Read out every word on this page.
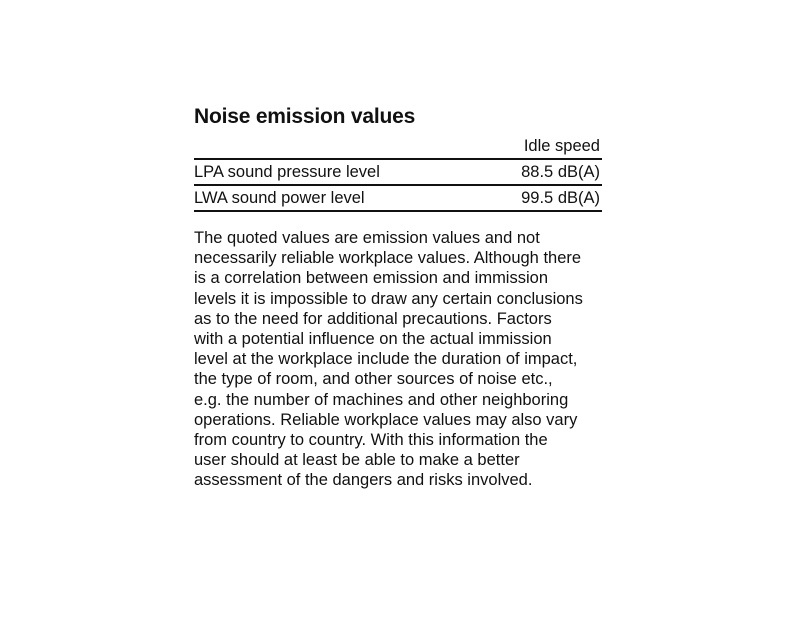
Noise emission values
Idle speed
LPA sound pressure level	88.5 dB(A)
LWA sound power level	99.5 dB(A)
The quoted values are emission values and not
necessarily reliable workplace values. Although there
is a correlation between emission and immission
levels it is impossible to draw any certain conclusions
as to the need for additional precautions. Factors
with a potential influence on the actual immission
level at the workplace include the duration of impact,
the type of room, and other sources of noise etc.,
e.g. the number of machines and other neighboring
operations. Reliable workplace values may also vary
from country to country. With this information the
user should at least be able to make a better
assessment of the dangers and risks involved.
